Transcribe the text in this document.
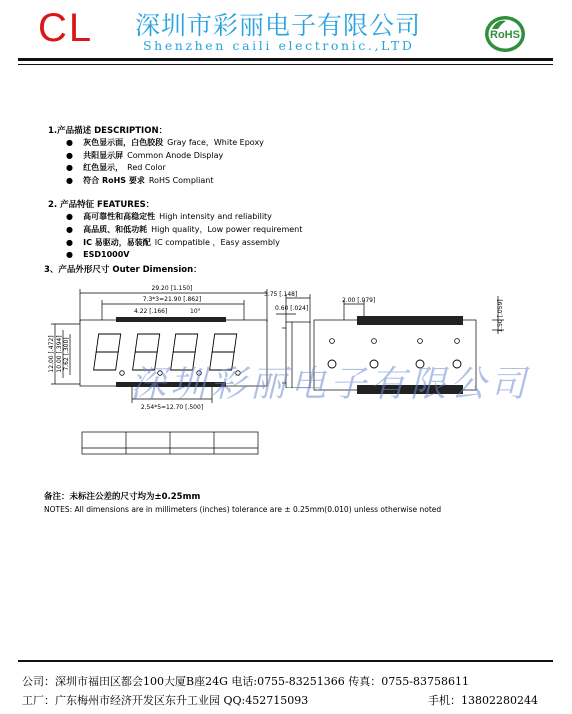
CL 深圳市彩丽电子有限公司
Shenzhen caili electronic.,LTD
RoHS
1.产品描述 DESCRIPTION：
●    灰色显示面，白色胶段 Gray face，White Epoxy
●    共阳显示屏 Common Anode Display
●    红色显示， Red Color
●    符合 RoHS 要求 RoHS Compliant
2. 产品特征 FEATURES：
●    高可靠性和高稳定性 High intensity and reliability
●    高品质、和低功耗 High quality，Low power requirement
●    IC 易驱动，易装配 IC compatible ，Easy assembly
●    ESD1000V
3、产品外形尺寸 Outer Dimension：
29.20 [1.150]
7.3*3=21.90 [.862]
4.22 [.166]	10°
2.54*5=12.70 [.500]
12.00 [.472] 10.00 [.394] 7.62 [.300]
3.75 [.148]
0.60 [.024]
2.00 [.079]	1.50 [.059]
深圳彩丽电子有限公司
备注：未标注公差的尺寸均为±0.25mm
NOTES: All dimensions are in millimeters (inches) tolerance are ± 0.25mm(0.010) unless otherwise noted
公司：深圳市福田区都会100大厦B座24G 电话:0755-83251366 传真：0755-83758611
工厂：广东梅州市经济开发区东升工业园 QQ:452715093	手机：13802280244
